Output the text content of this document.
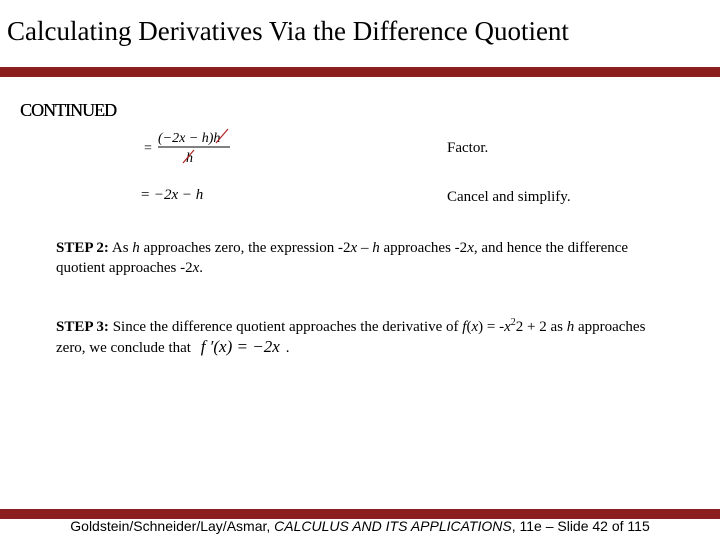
Calculating Derivatives Via the Difference Quotient
CONTINUED
=
(−2x − h)h
h
Factor.
= −2x − h	Cancel and simplify.
STEP 2: As h approaches zero, the expression -2x – h approaches -2x, and hence the difference quotient approaches -2x.
STEP 3: Since the difference quotient approaches the derivative of $f(x) = -x^22 + 2$ as h approaches zero, we conclude that f ′(x) = −2x .
Goldstein/Schneider/Lay/Asmar, CALCULUS AND ITS APPLICATIONS, 11e – Slide 42 of 115
